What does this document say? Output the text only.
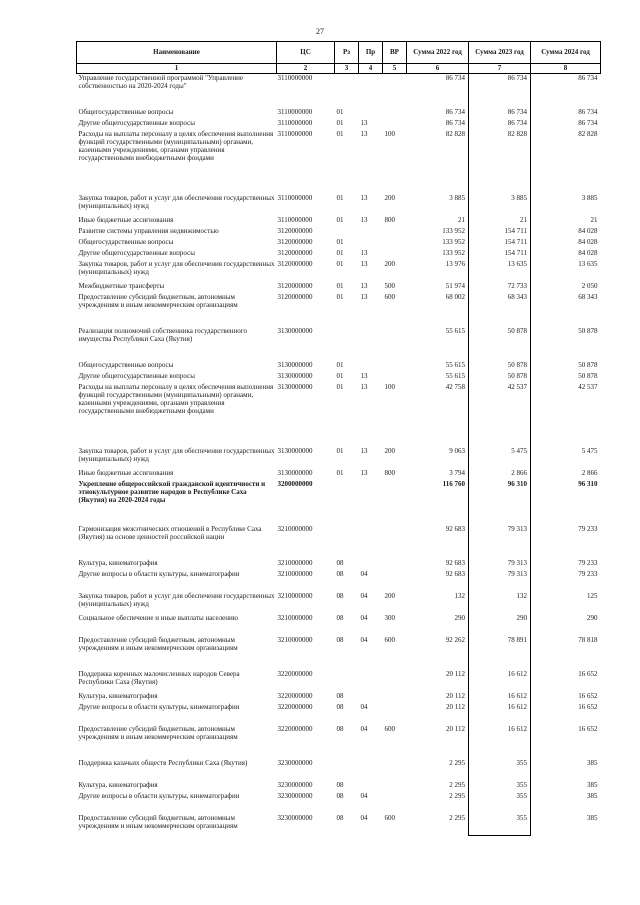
27
Наименование	ЦС	Рз	Пр	ВР	Сумма 2022 год	Сумма 2023 год	Сумма 2024 год
1	2	3	4	5	6	7	8
Управление государственной программой "Управление собственностью на 2020-2024 годы"	3110000000				86 734	86 734	86 734
Общегосударственные вопросы	3110000000	01			86 734	86 734	86 734
Другие общегосударственные вопросы	3110000000	01	13		86 734	86 734	86 734
Расходы на выплаты персоналу в целях обеспечения выполнения функций государственными (муниципальными) органами, казенными учреждениями, органами управления государственными внебюджетными фондами	3110000000	01	13	100	82 828	82 828	82 828
Закупка товаров, работ и услуг для обеспечения государственных (муниципальных) нужд	3110000000	01	13	200	3 885	3 885	3 885
Иные бюджетные ассигнования	3110000000	01	13	800	21	21	21
Развитие системы управления недвижимостью	3120000000				133 952	154 711	84 028
Общегосударственные вопросы	3120000000	01			133 952	154 711	84 028
Другие общегосударственные вопросы	3120000000	01	13		133 952	154 711	84 028
Закупка товаров, работ и услуг для обеспечения государственных (муниципальных) нужд	3120000000	01	13	200	13 976	13 635	13 635
Межбюджетные трансферты	3120000000	01	13	500	51 974	72 733	2 050
Предоставление субсидий бюджетным, автономным учреждениям и иным некоммерческим организациям	3120000000	01	13	600	68 002	68 343	68 343
Реализация полномочий собственника государственного имущества Республики Саха (Якутия)	3130000000				55 615	50 878	50 878
Общегосударственные вопросы	3130000000	01			55 615	50 878	50 878
Другие общегосударственные вопросы	3130000000	01	13		55 615	50 878	50 878
Расходы на выплаты персоналу в целях обеспечения выполнения функций государственными (муниципальными) органами, казенными учреждениями, органами управления государственными внебюджетными фондами	3130000000	01	13	100	42 758	42 537	42 537
Закупка товаров, работ и услуг для обеспечения государственных (муниципальных) нужд	3130000000	01	13	200	9 063	5 475	5 475
Иные бюджетные ассигнования	3130000000	01	13	800	3 794	2 866	2 866
Укрепление общероссийской гражданской идентичности и этнокультурное развитие народов в Республике Саха (Якутия) на 2020-2024 годы	3200000000				116 760	96 310	96 310
Гармонизация межэтнических отношений в Республике Саха (Якутия) на основе ценностей российской нации	3210000000				92 683	79 313	79 233
Культура, кинематография	3210000000	08			92 683	79 313	79 233
Другие вопросы в области культуры, кинематографии	3210000000	08	04		92 683	79 313	79 233
Закупка товаров, работ и услуг для обеспечения государственных (муниципальных) нужд	3210000000	08	04	200	132	132	125
Социальное обеспечение и иные выплаты населению	3210000000	08	04	300	290	290	290
Предоставление субсидий бюджетным, автономным учреждениям и иным некоммерческим организациям	3210000000	08	04	600	92 262	78 891	78 818
Поддержка коренных малочисленных народов Севера Республики Саха (Якутия)	3220000000				20 112	16 612	16 652
Культура, кинематография	3220000000	08			20 112	16 612	16 652
Другие вопросы в области культуры, кинематографии	3220000000	08	04		20 112	16 612	16 652
Предоставление субсидий бюджетным, автономным учреждениям и иным некоммерческим организациям	3220000000	08	04	600	20 112	16 612	16 652
Поддержка казачьих обществ Республики Саха (Якутия)	3230000000				2 295	355	385
Культура, кинематография	3230000000	08			2 295	355	385
Другие вопросы в области культуры, кинематографии	3230000000	08	04		2 295	355	385
Предоставление субсидий бюджетным, автономным учреждениям и иным некоммерческим организациям	3230000000	08	04	600	2 295	355	385
